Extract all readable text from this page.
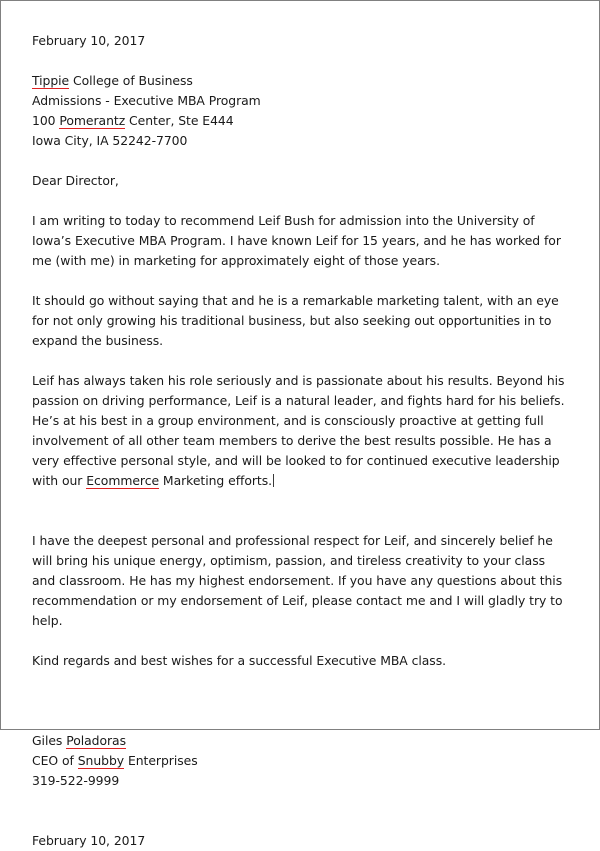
February 10, 2017
Tippie College of Business
Admissions - Executive MBA Program
100 Pomerantz Center, Ste E444
Iowa City, IA 52242-7700
Dear Director,

I am writing to today to recommend Leif Bush for admission into the University of Iowa’s Executive MBA Program. I have known Leif for 15 years, and he has worked for me (with me) in marketing for approximately eight of those years.

It should go without saying that and he is a remarkable marketing talent, with an eye for not only growing his traditional business, but also seeking out opportunities in to expand the business.

Leif has always taken his role seriously and is passionate about his results. Beyond his passion on driving performance, Leif is a natural leader, and fights hard for his beliefs. He’s at his best in a group environment, and is consciously proactive at getting full involvement of all other team members to derive the best results possible. He has a very effective personal style, and will be looked to for continued executive leadership with our Ecommerce Marketing efforts.

I have the deepest personal and professional respect for Leif, and sincerely belief he will bring his unique energy, optimism, passion, and tireless creativity to your class and classroom. He has my highest endorsement. If you have any questions about this recommendation or my endorsement of Leif, please contact me and I will gladly try to help.

Kind regards and best wishes for a successful Executive MBA class.

Giles Poladoras
CEO of Snubby Enterprises
319-522-9999
February 10, 2017
